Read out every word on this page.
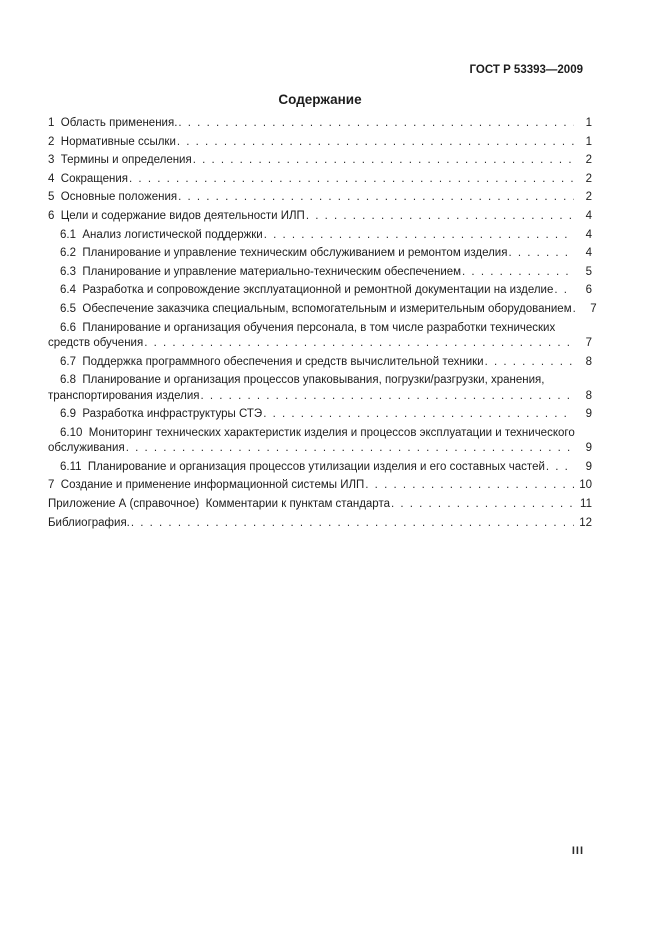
ГОСТ Р 53393—2009
Содержание
1  Область применения. . . .	1
2  Нормативные ссылки . . .	1
3  Термины и определения . . .	2
4  Сокращения . . .	2
5  Основные положения . . .	2
6  Цели и содержание видов деятельности ИЛП . . .	4
6.1  Анализ логистической поддержки . . .	4
6.2  Планирование и управление техническим обслуживанием и ремонтом изделия . . .	4
6.3  Планирование и управление материально-техническим обеспечением . . .	5
6.4  Разработка и сопровождение эксплуатационной и ремонтной документации на изделие . . .	6
6.5  Обеспечение заказчика специальным, вспомогательным и измерительным оборудованием . . .	7
6.6  Планирование и организация обучения персонала, в том числе разработки технических
средств обучения . . .	7
6.7  Поддержка программного обеспечения и средств вычислительной техники . . .	8
6.8  Планирование и организация процессов упаковывания, погрузки/разгрузки, хранения,
транспортирования изделия . . .	8
6.9  Разработка инфраструктуры СТЭ . . .	9
6.10  Мониторинг технических характеристик изделия и процессов эксплуатации и технического
обслуживания . . .	9
6.11  Планирование и организация процессов утилизации изделия и его составных частей . . .	9
7  Создание и применение информационной системы ИЛП . . .	10
Приложение А (справочное)  Комментарии к пунктам стандарта . . .	11
Библиография. . . .	12
III
